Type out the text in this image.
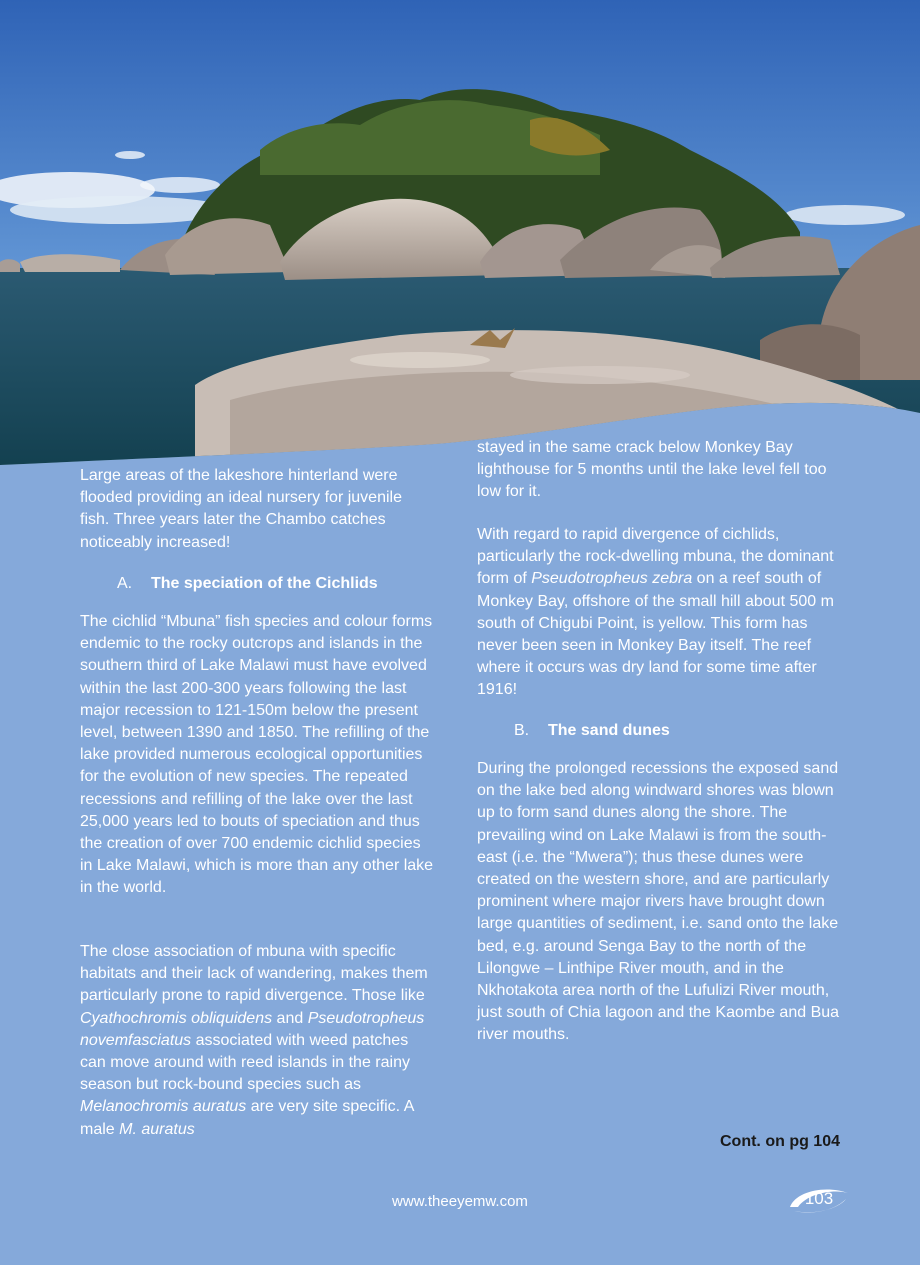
Large areas of the lakeshore hinterland were flooded providing an ideal nursery for juvenile fish. Three years later the Chambo catches noticeably increased!

A. The speciation of the Cichlids

The cichlid “Mbuna” fish species and colour forms endemic to the rocky outcrops and islands in the southern third of Lake Malawi must have evolved within the last 200-300 years following the last major recession to 121-150m below the present level, between 1390 and 1850. The refilling of the lake provided numerous ecological opportunities for the evolution of new species. The repeated recessions and refilling of the lake over the last 25,000 years led to bouts of speciation and thus the creation of over 700 endemic cichlid species in Lake Malawi, which is more than any other lake in the world.

The close association of mbuna with specific habitats and their lack of wandering, makes them particularly prone to rapid divergence. Those like Cyathochromis obliquidens and Pseudotropheus novemfasciatus associated with weed patches can move around with reed islands in the rainy season but rock-bound species such as Melanochromis auratus are very site specific. A male M. auratus

stayed in the same crack below Monkey Bay lighthouse for 5 months until the lake level fell too low for it.

With regard to rapid divergence of cichlids, particularly the rock-dwelling mbuna, the dominant form of Pseudotropheus zebra on a reef south of Monkey Bay, offshore of the small hill about 500 m south of Chigubi Point, is yellow. This form has never been seen in Monkey Bay itself. The reef where it occurs was dry land for some time after 1916!

B. The sand dunes

During the prolonged recessions the exposed sand on the lake bed along windward shores was blown up to form sand dunes along the shore. The prevailing wind on Lake Malawi is from the south-east (i.e. the “Mwera”); thus these dunes were created on the western shore, and are particularly prominent where major rivers have brought down large quantities of sediment, i.e. sand onto the lake bed, e.g. around Senga Bay to the north of the Lilongwe – Linthipe River mouth, and in the Nkhotakota area north of the Lufulizi River mouth, just south of Chia lagoon and the Kaombe and Bua river mouths.

Cont. on pg 104
www.theeyemw.com	103
